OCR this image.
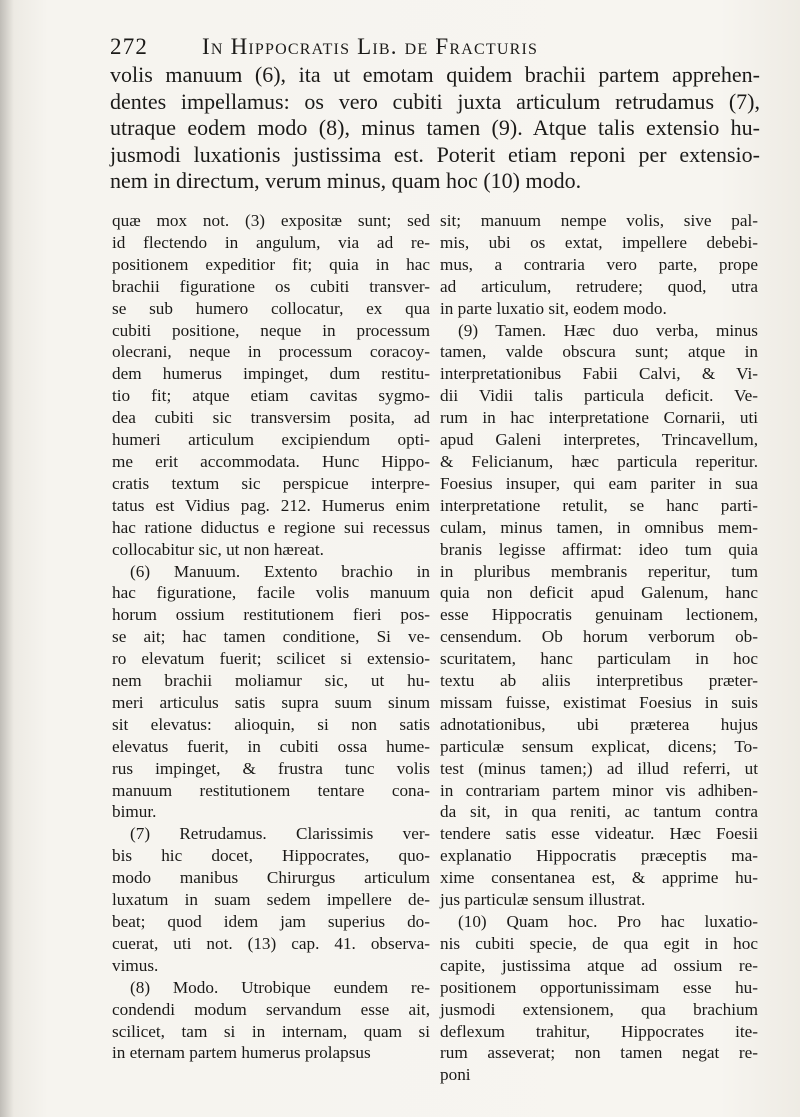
272 In Hippocratis Lib. de Fracturis
volis manuum (6), ita ut emotam quidem brachii partem apprehen-
dentes impellamus: os vero cubiti juxta articulum retrudamus (7),
utraque eodem modo (8), minus tamen (9). Atque talis extensio hu-
jusmodi luxationis justissima est. Poterit etiam reponi per extensio-
nem in directum, verum minus, quam hoc (10) modo.
quæ mox not. (3) expositæ sunt; sed
id flectendo in angulum, via ad re-
positionem expeditior fit; quia in hac
brachii figuratione os cubiti transver-
se sub humero collocatur, ex qua
cubiti positione, neque in processum
olecrani, neque in processum coracoy-
dem humerus impinget, dum restitu-
tio fit; atque etiam cavitas sygmo-
dea cubiti sic transversim posita, ad
humeri articulum excipiendum opti-
me erit accommodata. Hunc Hippo-
cratis textum sic perspicue interpre-
tatus est Vidius pag. 212. Humerus enim
hac ratione diductus e regione sui recessus
collocabitur sic, ut non hæreat.
(6) Manuum. Extento brachio in
hac figuratione, facile volis manuum
horum ossium restitutionem fieri pos-
se ait; hac tamen conditione, Si ve-
ro elevatum fuerit; scilicet si extensio-
nem brachii moliamur sic, ut hu-
meri articulus satis supra suum sinum
sit elevatus: alioquin, si non satis
elevatus fuerit, in cubiti ossa hume-
rus impinget, & frustra tunc volis
manuum restitutionem tentare cona-
bimur.
(7) Retrudamus. Clarissimis ver-
bis hic docet, Hippocrates, quo-
modo manibus Chirurgus articulum
luxatum in suam sedem impellere de-
beat; quod idem jam superius do-
cuerat, uti not. (13) cap. 41. observa-
vimus.
(8) Modo. Utrobique eundem re-
condendi modum servandum esse ait,
scilicet, tam si in internam, quam si
in eternam partem humerus prolapsus
sit; manuum nempe volis, sive pal-
mis, ubi os extat, impellere debebi-
mus, a contraria vero parte, prope
ad articulum, retrudere; quod, utra
in parte luxatio sit, eodem modo.
(9) Tamen. Hæc duo verba, minus
tamen, valde obscura sunt; atque in
interpretationibus Fabii Calvi, & Vi-
dii Vidii talis particula deficit. Ve-
rum in hac interpretatione Cornarii, uti
apud Galeni interpretes, Trincavellum,
& Felicianum, hæc particula reperitur.
Foesius insuper, qui eam pariter in sua
interpretatione retulit, se hanc parti-
culam, minus tamen, in omnibus mem-
branis legisse affirmat: ideo tum quia
in pluribus membranis reperitur, tum
quia non deficit apud Galenum, hanc
esse Hippocratis genuinam lectionem,
censendum. Ob horum verborum ob-
scuritatem, hanc particulam in hoc
textu ab aliis interpretibus præter-
missam fuisse, existimat Foesius in suis
adnotationibus, ubi præterea hujus
particulæ sensum explicat, dicens; To-
test (minus tamen;) ad illud referri, ut
in contrariam partem minor vis adhiben-
da sit, in qua reniti, ac tantum contra
tendere satis esse videatur. Hæc Foesii
explanatio Hippocratis præceptis ma-
xime consentanea est, & apprime hu-
jus particulæ sensum illustrat.
(10) Quam hoc. Pro hac luxatio-
nis cubiti specie, de qua egit in hoc
capite, justissima atque ad ossium re-
positionem opportunissimam esse hu-
jusmodi extensionem, qua brachium
deflexum trahitur, Hippocrates ite-
rum asseverat; non tamen negat re-
poni
